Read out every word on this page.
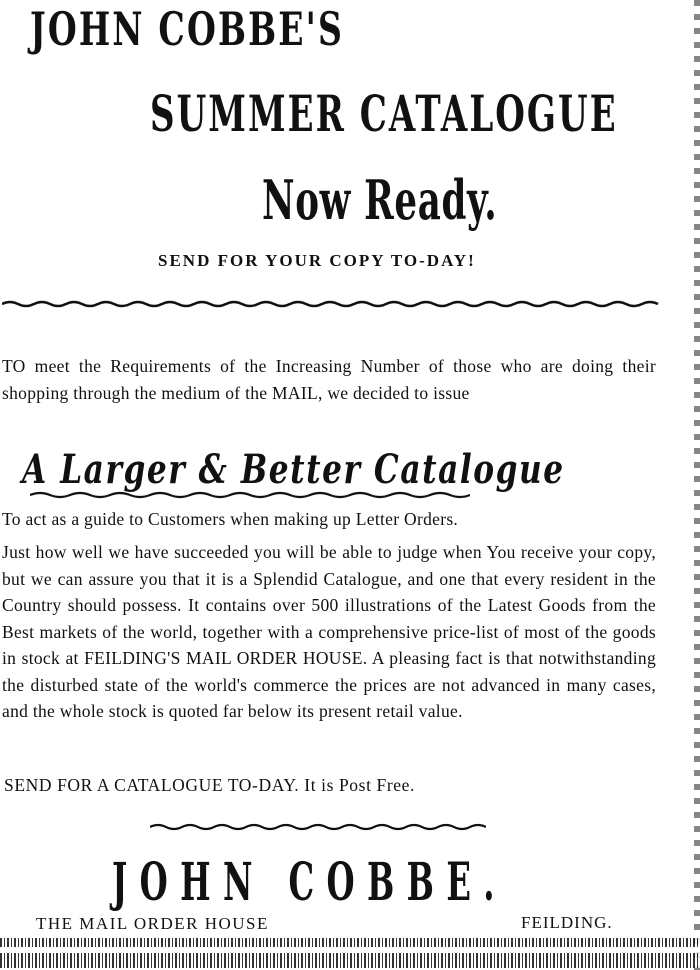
JOHN COBBE'S
SUMMER CATALOGUE
Now Ready.
SEND FOR YOUR COPY TO-DAY!
TO meet the Requirements of the Increasing Number of those who are doing their shopping through the medium of the MAIL, we decided to issue
A Larger & Better Catalogue
To act as a guide to Customers when making up Letter Orders.
Just how well we have succeeded you will be able to judge when You receive your copy, but we can assure you that it is a Splendid Catalogue, and one that every resident in the Country should possess. It contains over 500 illustrations of the Latest Goods from the Best markets of the world, together with a comprehensive price-list of most of the goods in stock at FEILDING'S MAIL ORDER HOUSE. A pleasing fact is that notwithstanding the disturbed state of the world's commerce the prices are not advanced in many cases, and the whole stock is quoted far below its present retail value.
SEND FOR A CATALOGUE TO-DAY. It is Post Free.
JOHN COBBE.
THE MAIL ORDER HOUSE	FEILDING.
